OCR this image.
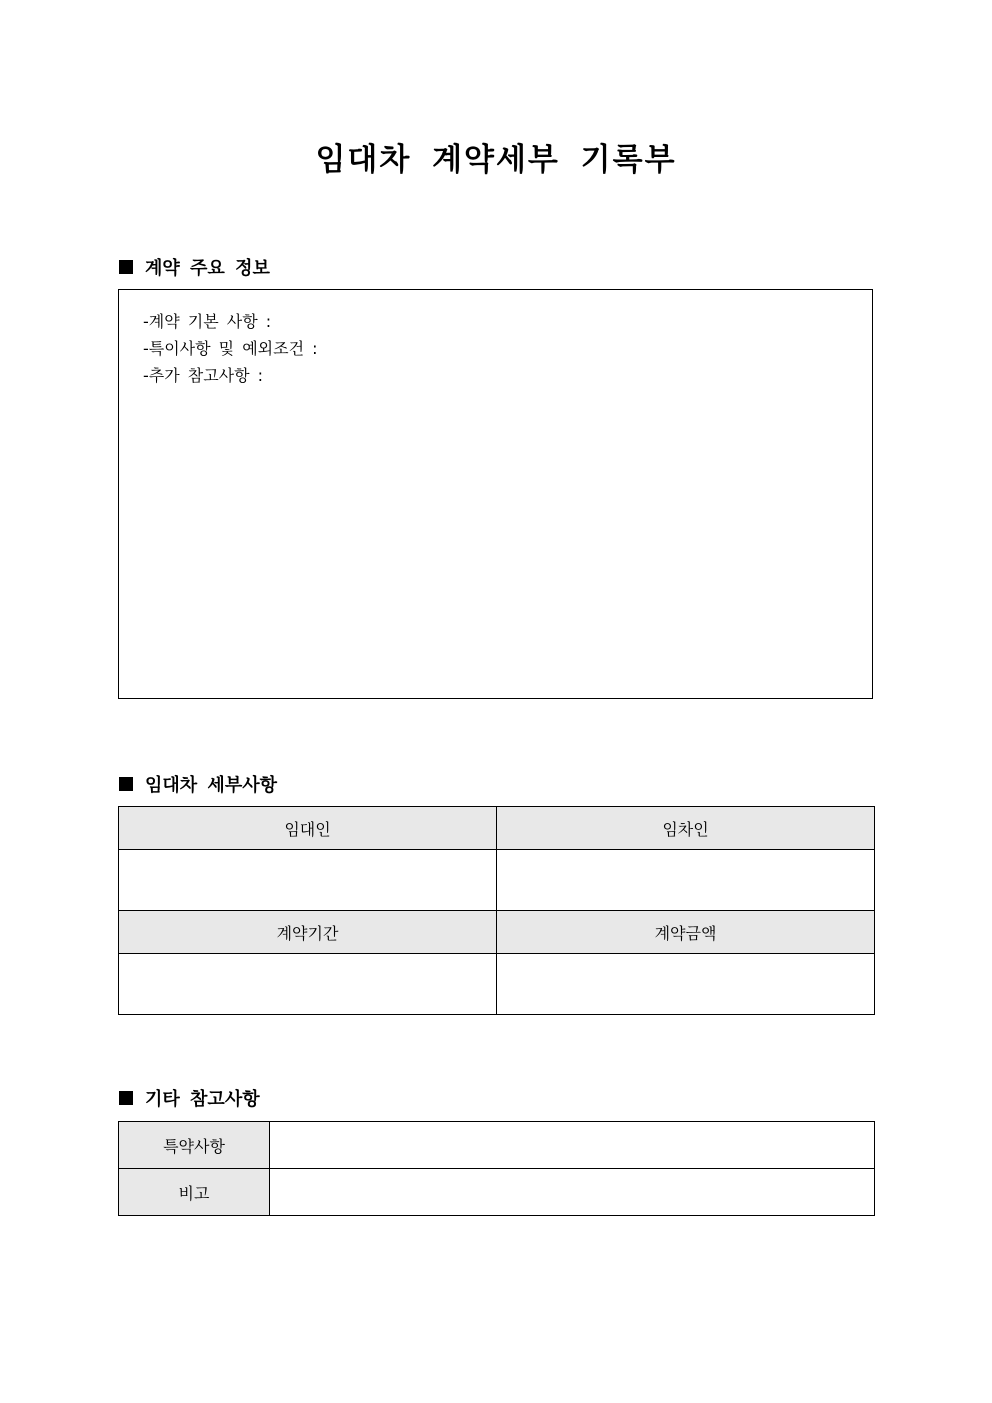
임대차 계약세부 기록부
계약 주요 정보
-계약 기본 사항 :
-특이사항 및 예외조건 :
-추가 참고사항 :
임대차 세부사항
임대인	임차인

계약기간	계약금액

기타 참고사항
특약사항	
비고	
